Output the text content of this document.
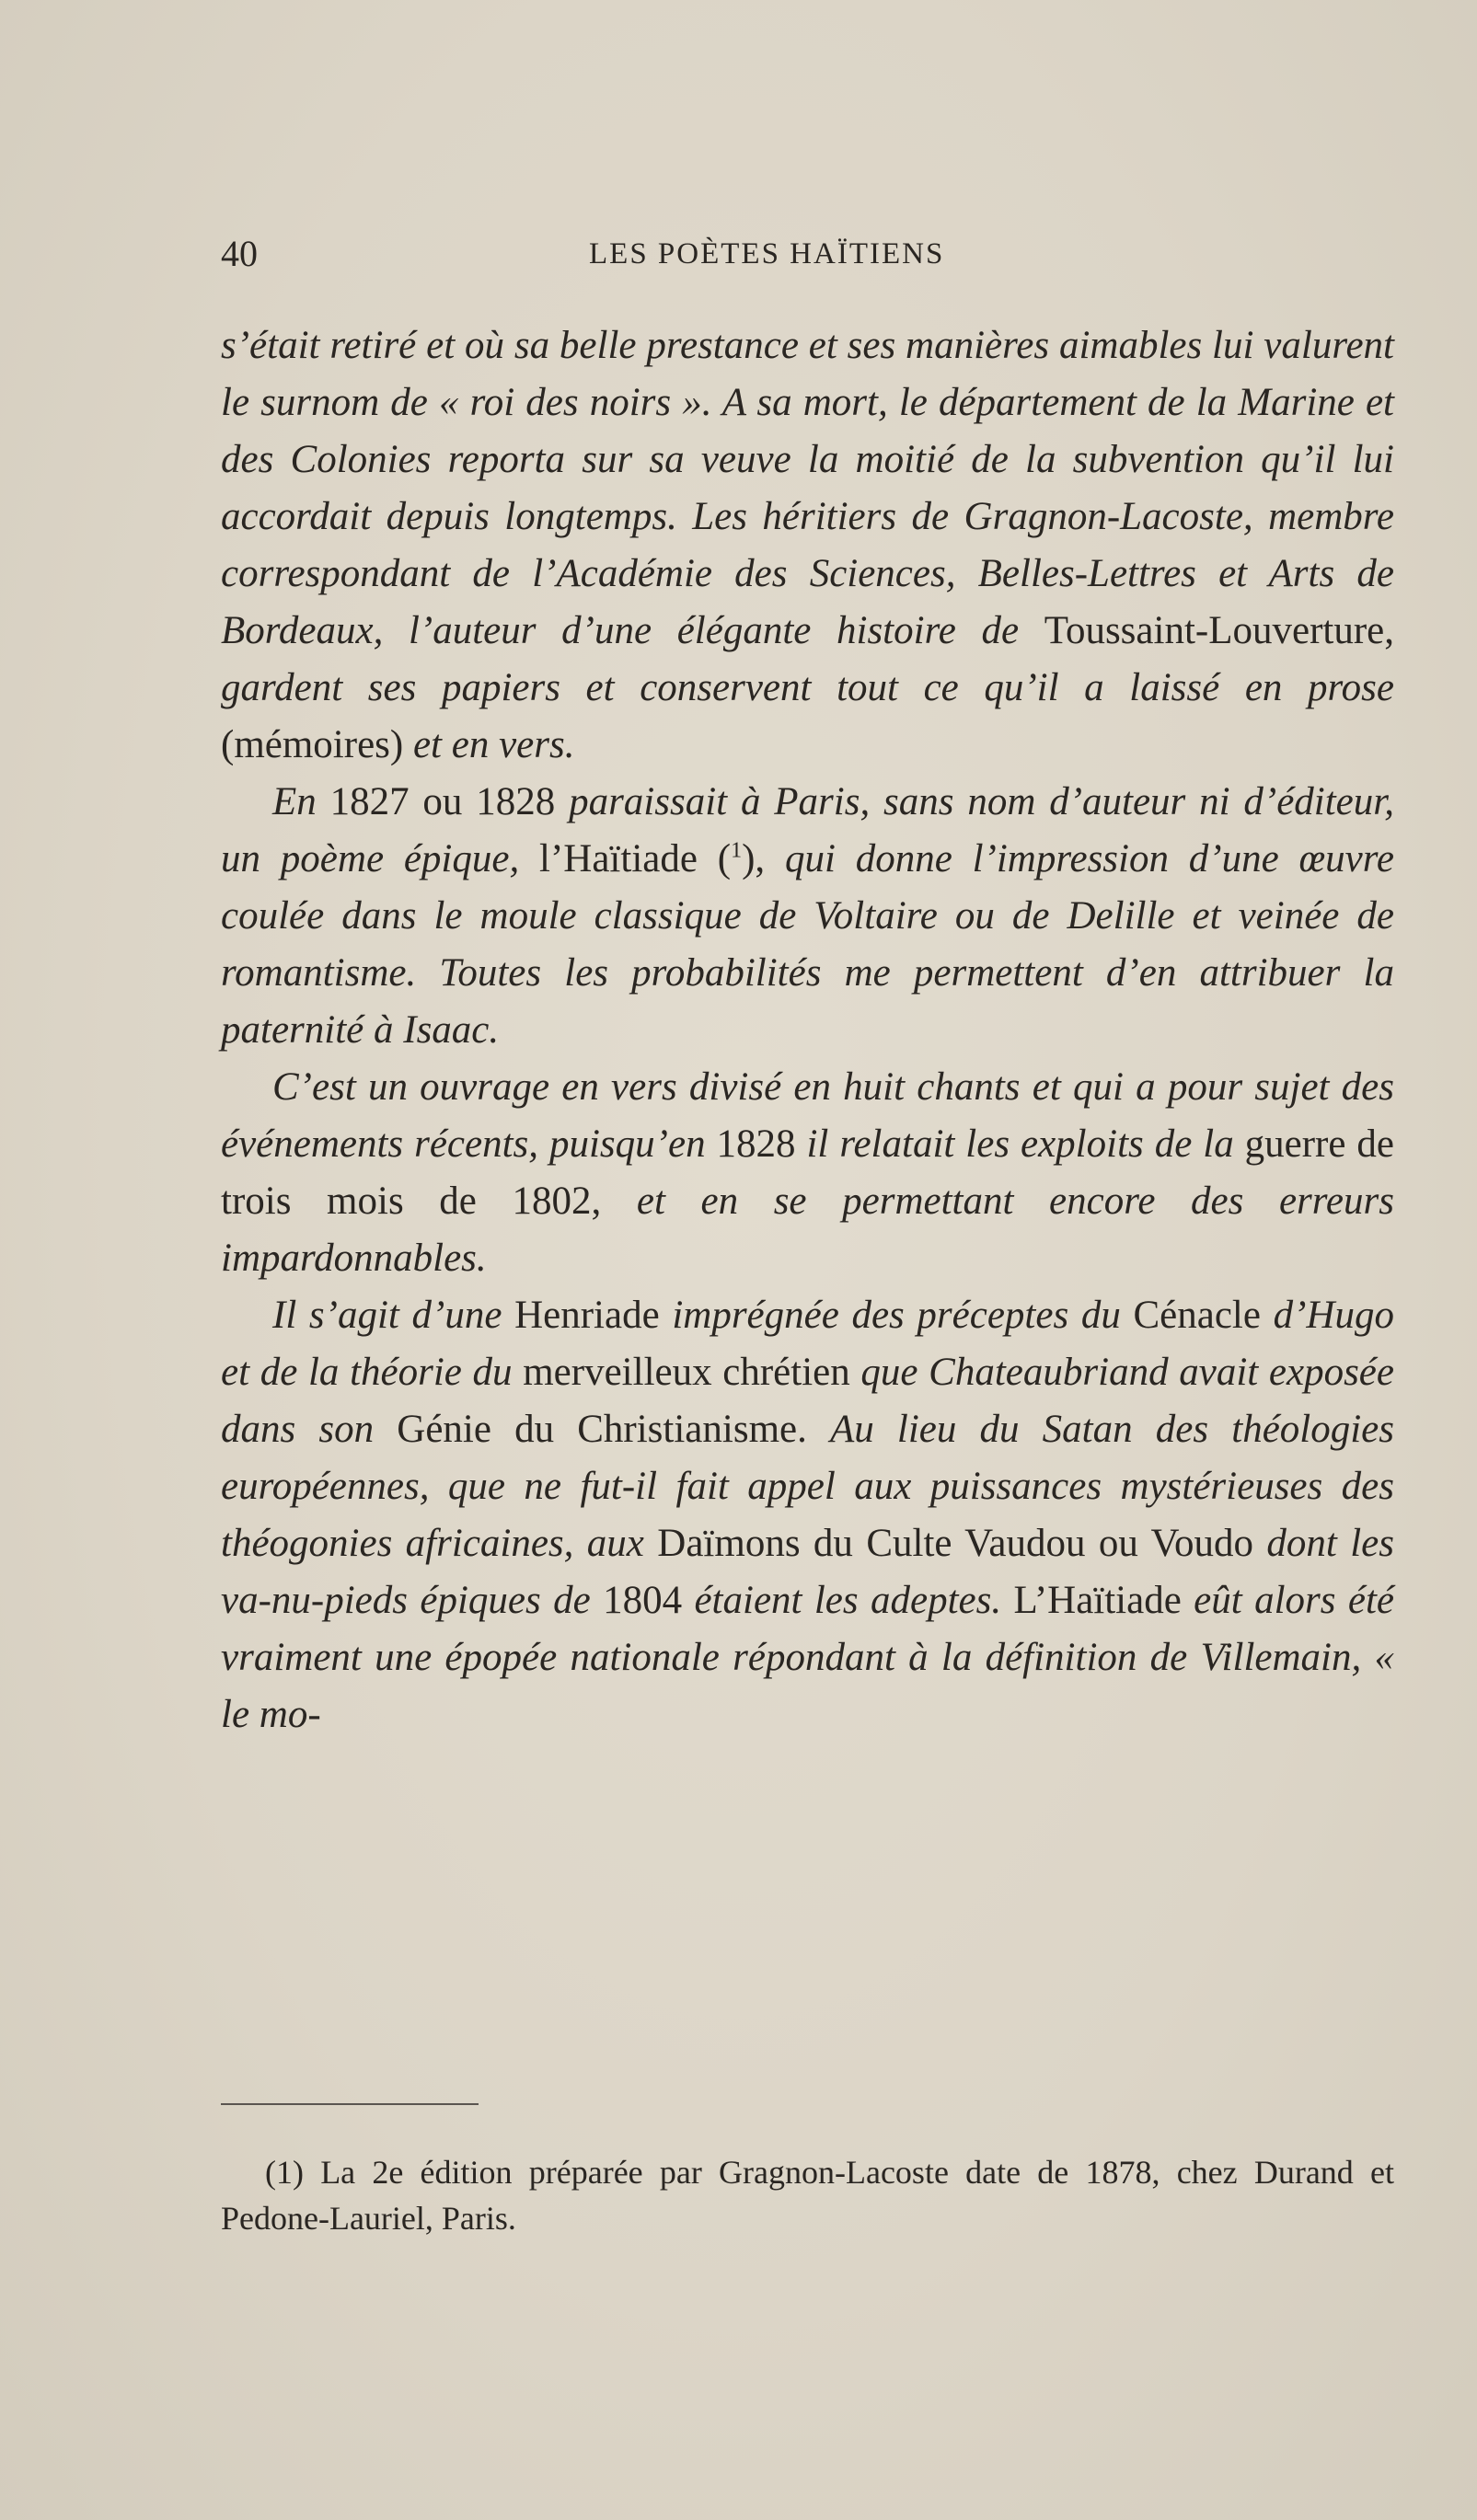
40	LES POÈTES HAÏTIENS

s’était retiré et où sa belle prestance et ses manières aimables lui valurent le surnom de « roi des noirs ». A sa mort, le département de la Marine et des Colonies reporta sur sa veuve la moitié de la subvention qu’il lui accordait depuis longtemps. Les héritiers de Gragnon-Lacoste, membre correspondant de l’Académie des Sciences, Belles-Lettres et Arts de Bordeaux, l’auteur d’une élégante histoire de Toussaint-Louverture, gardent ses papiers et conservent tout ce qu’il a laissé en prose (mémoires) et en vers.

En 1827 ou 1828 paraissait à Paris, sans nom d’auteur ni d’éditeur, un poème épique, l’Haïtiade ($^1$), qui donne l’impression d’une œuvre coulée dans le moule classique de Voltaire ou de Delille et veinée de romantisme. Toutes les probabilités me permettent d’en attribuer la paternité à Isaac.

C’est un ouvrage en vers divisé en huit chants et qui a pour sujet des événements récents, puisqu’en 1828 il relatait les exploits de la guerre de trois mois de 1802, et en se permettant encore des erreurs impardonnables.

Il s’agit d’une Henriade imprégnée des préceptes du Cénacle d’Hugo et de la théorie du merveilleux chrétien que Chateaubriand avait exposée dans son Génie du Christianisme. Au lieu du Satan des théologies européennes, que ne fut-il fait appel aux puissances mystérieuses des théogonies africaines, aux Daïmons du Culte Vaudou ou Voudo dont les va-nu-pieds épiques de 1804 étaient les adeptes. L’Haïtiade eût alors été vraiment une épopée nationale répondant à la définition de Villemain, « le mo-

(1) La 2e édition préparée par Gragnon-Lacoste date de 1878, chez Durand et Pedone-Lauriel, Paris.
